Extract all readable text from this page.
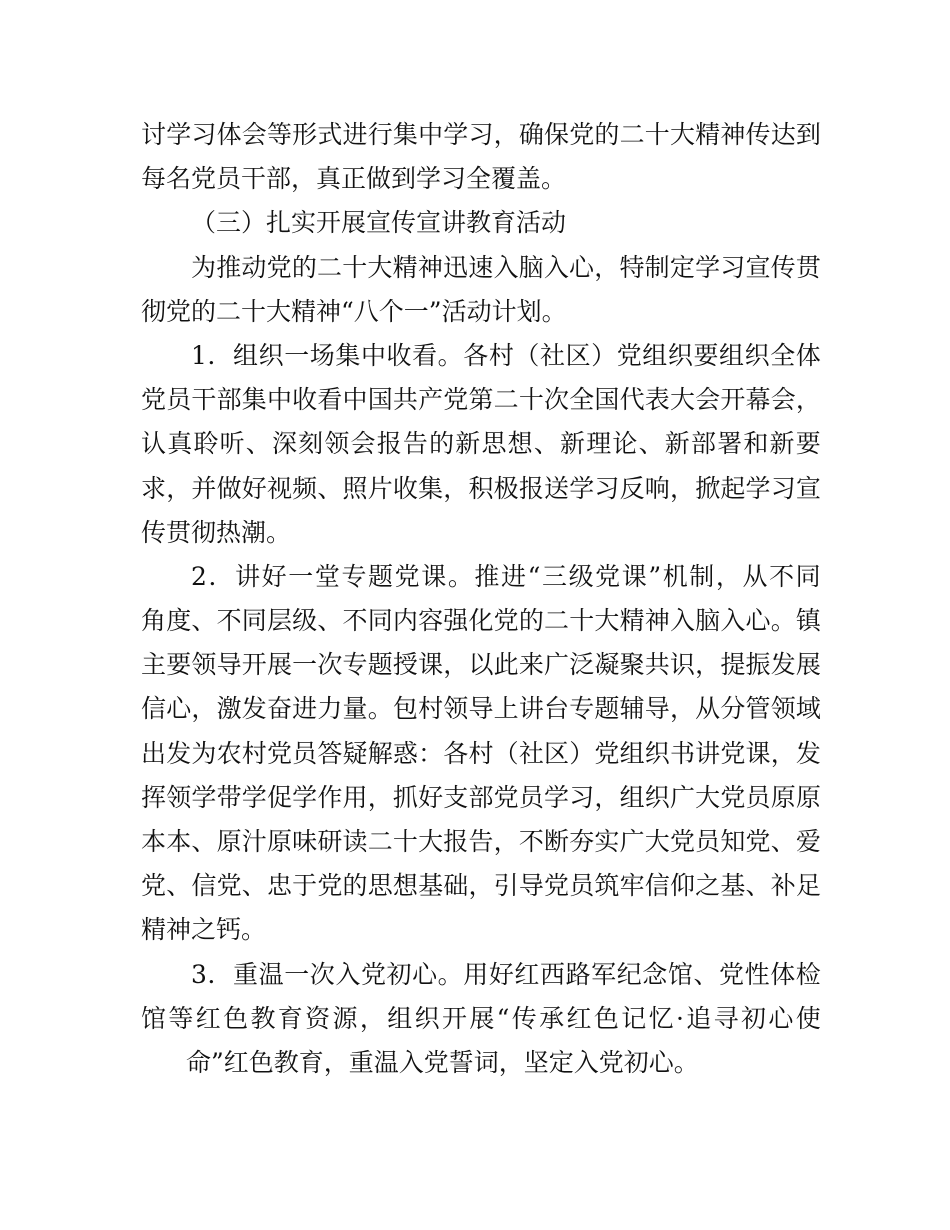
讨 学 习 体 会 等 形 式 进 行 集 中 学 习 ， 确 保 党 的 二 十 大 精 神 传 达 到
每名党员干部，真正做到学习全覆盖。
（三）扎实开展宣传宣讲教育活动
为 推 动 党 的 二 十 大 精 神 迅 速 入 脑 入 心 ， 特 制 定 学 习 宣 传 贯
彻党的二十大精神“八个一”活动计划。
1 ． 组 织 一 场 集 中 收 看 。 各 村 （ 社 区 ） 党 组 织 要 组 织 全 体
党 员 干 部 集 中 收 看 中 国 共 产 党 第 二 十 次 全 国 代 表 大 会 开 幕 会 ，
认 真 聆 听 、 深 刻 领 会 报 告 的 新 思 想 、 新 理 论 、 新 部 署 和 新 要
求 ， 并 做 好 视 频 、 照 片 收 集 ， 积 极 报 送 学 习 反 响 ， 掀 起 学 习 宣
传贯彻热潮。
2 ． 讲 好 一 堂 专 题 党 课 。 推 进 “ 三 级 党 课 ” 机 制 ， 从 不 同
角 度 、 不 同 层 级 、 不 同 内 容 强 化 党 的 二 十 大 精 神 入 脑 入 心 。 镇
主 要 领 导 开 展 一 次 专 题 授 课 ， 以 此 来 广 泛 凝 聚 共 识 ， 提 振 发 展
信 心 ， 激 发 奋 进 力 量 。 包 村 领 导 上 讲 台 专 题 辅 导 ， 从 分 管 领 域
出 发 为 农 村 党 员 答 疑 解 惑 ： 各 村 （ 社 区 ） 党 组 织 书 讲 党 课 ， 发
挥 领 学 带 学 促 学 作 用 ， 抓 好 支 部 党 员 学 习 ， 组 织 广 大 党 员 原 原
本 本 、 原 汁 原 味 研 读 二 十 大 报 告 ， 不 断 夯 实 广 大 党 员 知 党 、 爱
党 、 信 党 、 忠 于 党 的 思 想 基 础 ， 引 导 党 员 筑 牢 信 仰 之 基 、 补 足
精神之钙。
3 ． 重 温 一 次 入 党 初 心 。 用 好 红 西 路 军 纪 念 馆 、 党 性 体 检
馆 等 红 色 教 育 资 源 ， 组 织 开 展 “ 传 承 红 色 记 忆 · 追 寻 初 心 使
命”红色教育，重温入党誓词，坚定入党初心。
